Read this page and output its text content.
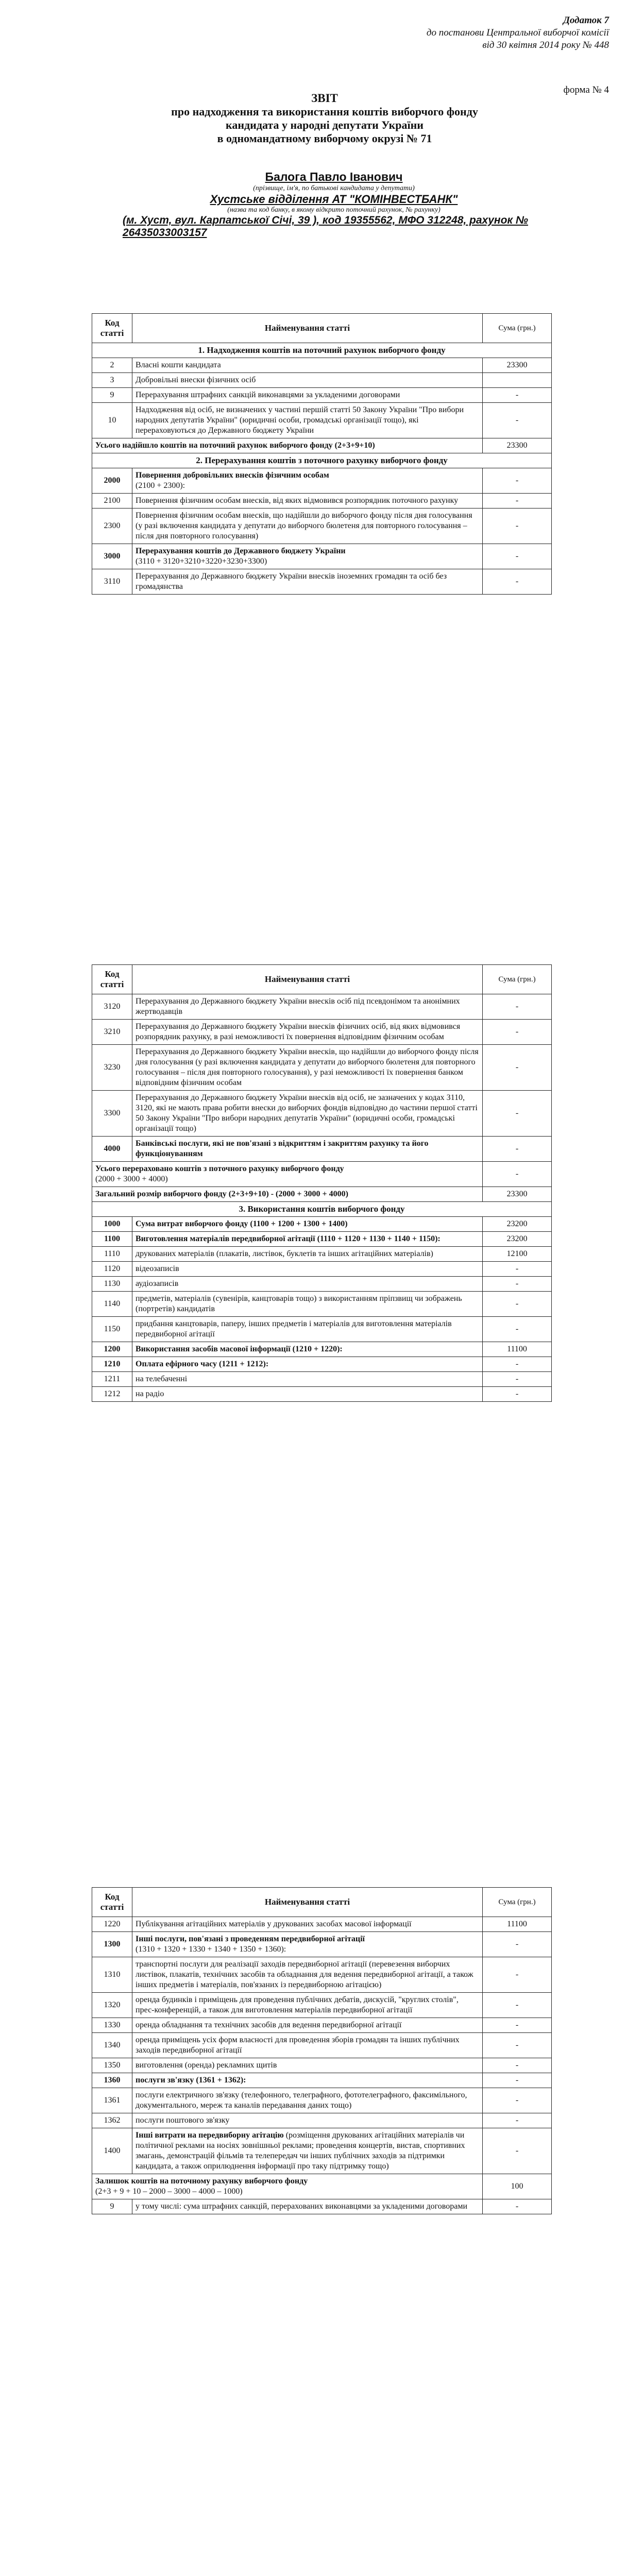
Додаток 7
до постанови Центральної виборчої комісії
від 30 квітня 2014 року № 448
форма № 4
ЗВІТ
про надходження та використання коштів виборчого фонду
кандидата у народні депутати України
в одномандатному виборчому окрузі № 71
Балога Павло Іванович
(прізвище, ім'я, по батькові кандидата у депутати)
Хустське відділення АТ "КОМІНВЕСТБАНК"
(назва та код банку, в якому відкрито поточний рахунок, № рахунку)
(м. Хуст, вул. Карпатської Січі, 39 ), код 19355562, МФО 312248, рахунок № 26435033003157
Код статті	Найменування статті	Сума (грн.)
1. Надходження коштів на поточний рахунок виборчого фонду		
2	Власні кошти кандидата	23300
3	Добровільні внески фізичних осіб	
9	Перерахування штрафних санкцій виконавцями за укладеними договорами	-
10	Надходження від осіб, не визначених у частині першій статті 50 Закону України "Про вибори народних депутатів України" (юридичні особи, громадські організації тощо), які перераховуються до Державного бюджету України	-
Усього надійшло коштів на поточний рахунок виборчого фонду (2+3+9+10)		23300
2. Перерахування коштів з поточного рахунку виборчого фонду		
2000	Повернення добровільних внесків фізичним особам
(2100 + 2300):	-
2100	Повернення фізичним особам внесків, від яких відмовився розпорядник поточного рахунку	-
2300	Повернення фізичним особам внесків, що надійшли до виборчого фонду після дня голосування (у разі включення кандидата у депутати до виборчого бюлетеня для повторного голосування – після дня повторного голосування)	-
3000	Перерахування коштів до Державного бюджету України
(3110 + 3120+3210+3220+3230+3300)	-
3110	Перерахування до Державного бюджету України внесків іноземних громадян та осіб без громадянства	-
Код статті	Найменування статті	Сума (грн.)
3120	Перерахування до Державного бюджету України внесків осіб під псевдонімом та анонімних жертводавців	-
3210	Перерахування до Державного бюджету України внесків фізичних осіб, від яких відмовився розпорядник рахунку, в разі неможливості їх повернення відповідним фізичним особам	-
3230	Перерахування до Державного бюджету України внесків, що надійшли до виборчого фонду після дня голосування (у разі включення кандидата у депутати до виборчого бюлетеня для повторного голосування – після дня повторного голосування), у разі неможливості їх повернення банком відповідним фізичним особам	-
3300	Перерахування до Державного бюджету України внесків від осіб, не зазначених у кодах 3110, 3120, які не мають права робити внески до виборчих фондів відповідно до частини першої статті 50 Закону України "Про вибори народних депутатів України" (юридичні особи, громадські організації тощо)	-
4000	Банківські послуги, які не пов'язані з відкриттям і закриттям рахунку та його функціонуванням	-
Усього перераховано коштів з поточного рахунку виборчого фонду
(2000 + 3000 + 4000)		-
Загальний розмір виборчого фонду (2+3+9+10) - (2000 + 3000 + 4000)		23300
3. Використання коштів виборчого фонду		
1000	Сума витрат виборчого фонду (1100 + 1200 + 1300 + 1400)	23200
1100	Виготовлення матеріалів передвиборної агітації (1110 + 1120 + 1130 + 1140 + 1150):	23200
1110	друкованих матеріалів (плакатів, листівок, буклетів та інших агітаційних матеріалів)	12100
1120	відеозаписів	-
1130	аудіозаписів	-
1140	предметів, матеріалів (сувенірів, канцтоварів тощо) з використанням пріпзвищ чи зображень (портретів) кандидатів	-
1150	придбання канцтоварів, паперу, інших предметів і матеріалів для виготовлення матеріалів передвиборної агітації	-
1200	Використання засобів масової інформації (1210 + 1220):	11100
1210	Оплата ефірного часу (1211 + 1212):	-
1211	на телебаченні	-
1212	на радіо	-
Код статті	Найменування статті	Сума (грн.)
1220	Публікування агітаційних матеріалів у друкованих засобах масової інформації	11100
1300	Інші послуги, пов'язані з проведенням передвиборної агітації
(1310 + 1320 + 1330 + 1340 + 1350 + 1360):	-
1310	транспортні послуги для реалізації заходів передвиборної агітації (перевезення виборчих листівок, плакатів, технічних засобів та обладнання для ведення передвиборної агітації, а також інших предметів і матеріалів, пов'язаних із передвиборною агітацією)	-
1320	оренда будинків і приміщень для проведення публічних дебатів, дискусій, "круглих столів", прес-конференцій, а також для виготовлення матеріалів передвиборної агітації	-
1330	оренда обладнання та технічних засобів для ведення передвиборної агітації	-
1340	оренда приміщень усіх форм власності для проведення зборів громадян та інших публічних заходів передвиборної агітації	-
1350	виготовлення (оренда) рекламних щитів	-
1360	послуги зв'язку (1361 + 1362):	-
1361	послуги електричного зв'язку (телефонного, телеграфного, фототелеграфного, факсимільного, документального, мереж та каналів передавання даних тощо)	-
1362	послуги поштового зв'язку	-
1400	Інші витрати на передвиборну агітацію (розміщення друкованих агітаційних матеріалів чи політичної реклами на носіях зовнішньої реклами; проведення концертів, вистав, спортивних змагань, демонстрацій фільмів та телепередач чи інших публічних заходів за підтримки кандидата, а також оприлюднення інформації про таку підтримку тощо)	-
Залишок коштів на поточному рахунку виборчого фонду
(2+3 + 9 + 10 – 2000 – 3000 – 4000 – 1000)		100
9	у тому числі: сума штрафних санкцій, перерахованих виконавцями за укладеними договорами	-
